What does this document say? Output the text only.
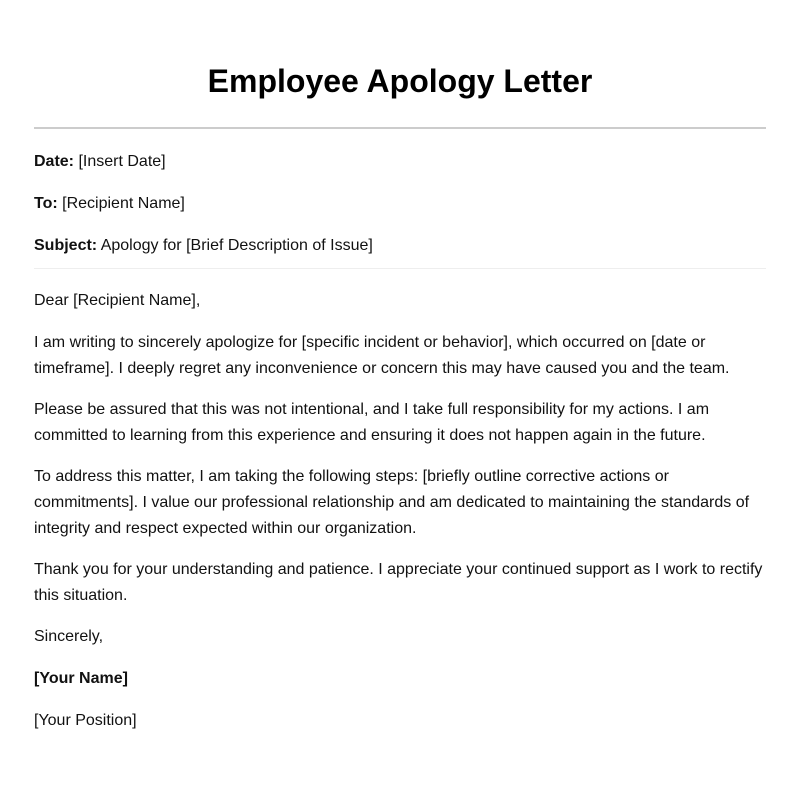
Employee Apology Letter

Date: [Insert Date]

To: [Recipient Name]

Subject: Apology for [Brief Description of Issue]

Dear [Recipient Name],

I am writing to sincerely apologize for [specific incident or behavior], which occurred on [date or timeframe]. I deeply regret any inconvenience or concern this may have caused you and the team.

Please be assured that this was not intentional, and I take full responsibility for my actions. I am committed to learning from this experience and ensuring it does not happen again in the future.

To address this matter, I am taking the following steps: [briefly outline corrective actions or commitments]. I value our professional relationship and am dedicated to maintaining the standards of integrity and respect expected within our organization.

Thank you for your understanding and patience. I appreciate your continued support as I work to rectify this situation.

Sincerely,

[Your Name]

[Your Position]
